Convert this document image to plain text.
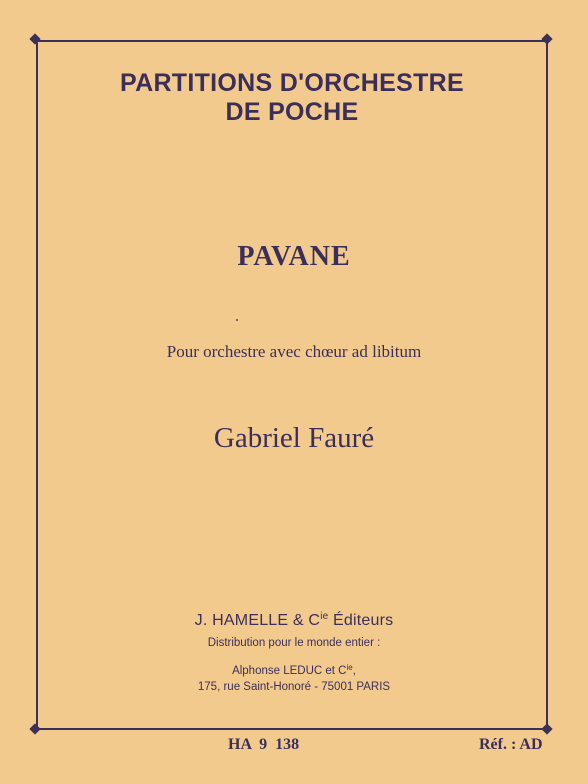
PARTITIONS D'ORCHESTRE
DE POCHE
PAVANE
Pour orchestre avec chœur ad libitum
Gabriel Fauré
J. HAMELLE & $C^{ie}$ Éditeurs
Distribution pour le monde entier :
Alphonse LEDUC et $C^{ie}$,
175, rue Saint-Honoré - 75001 PARIS
HA 9 138	Réf. : AD
